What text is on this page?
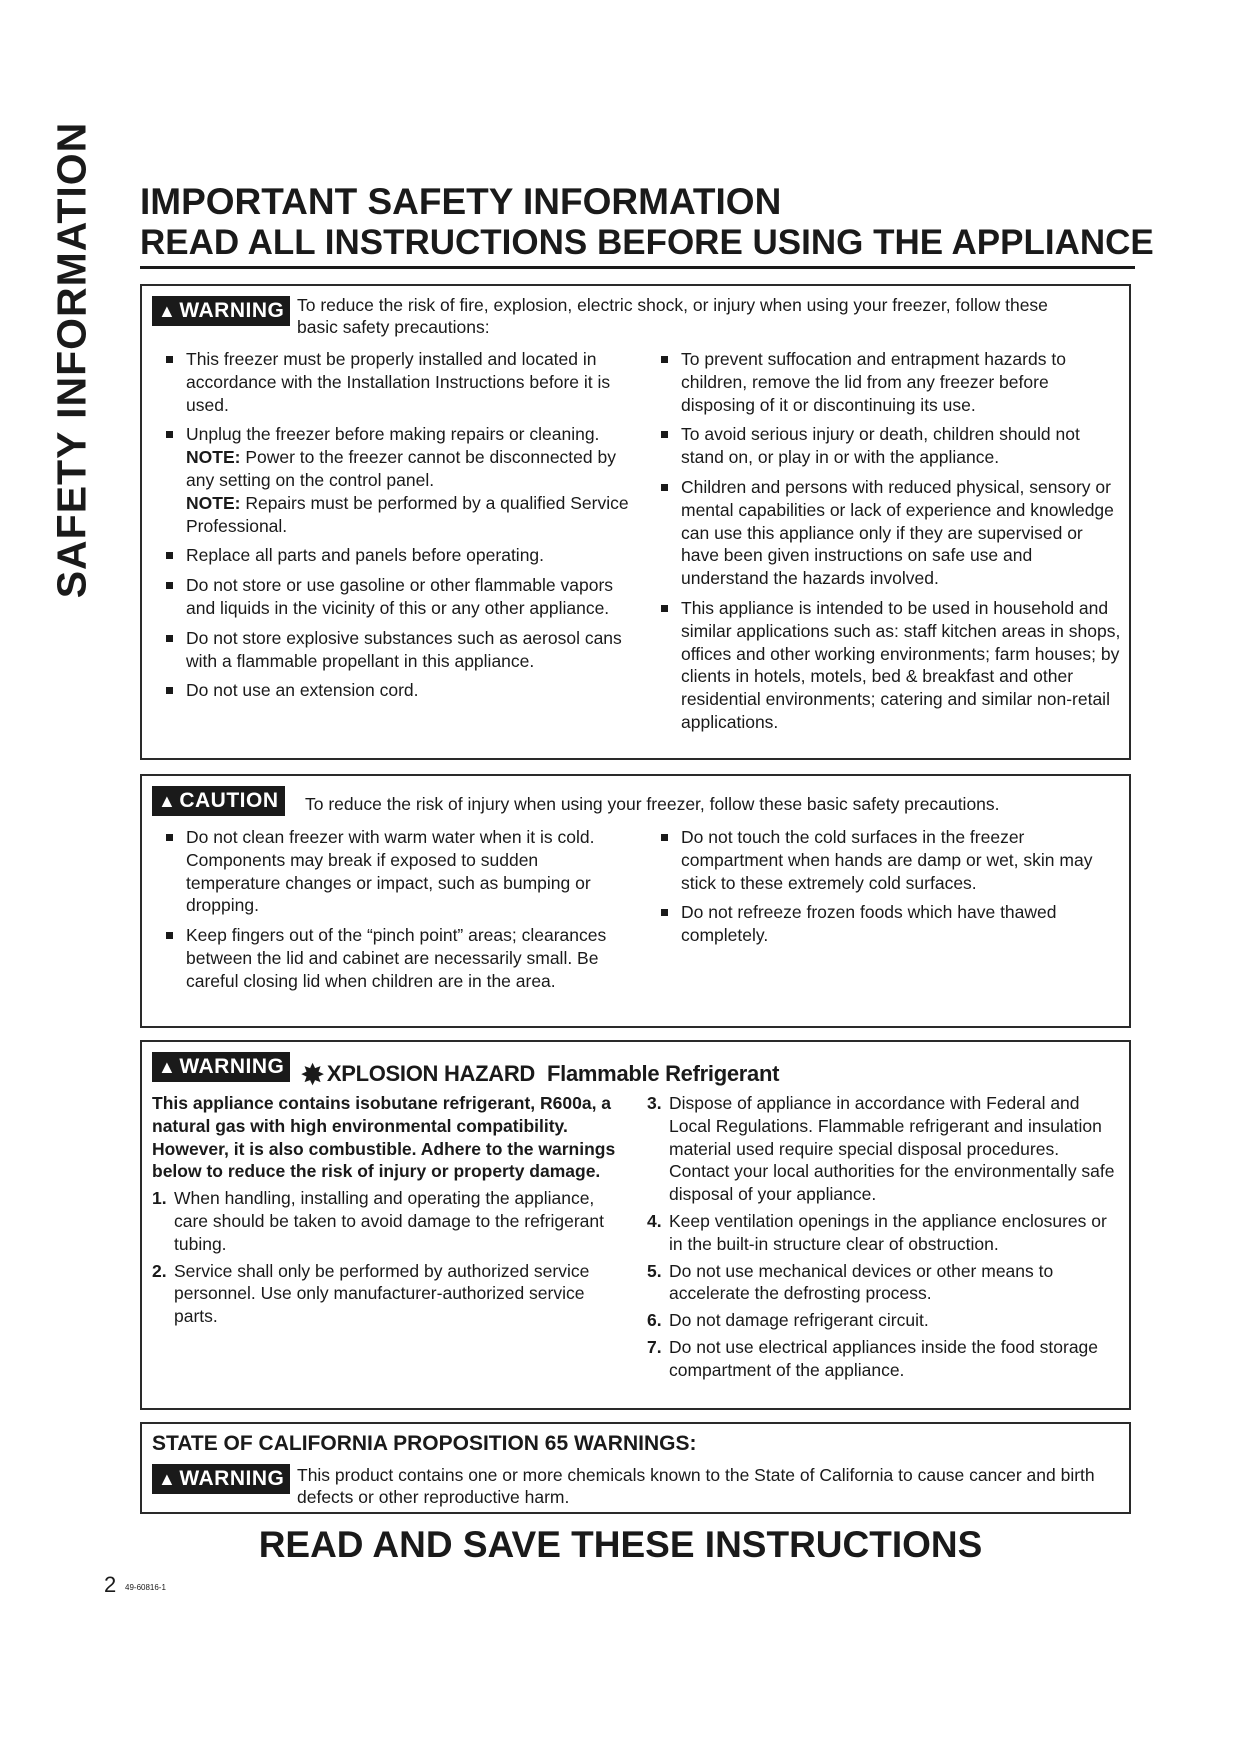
SAFETY INFORMATION IMPORTANT SAFETY INFORMATION
READ ALL INSTRUCTIONS BEFORE USING THE APPLIANCE
▲ WARNING To reduce the risk of fire, explosion, electric shock, or injury when using your freezer, follow these basic safety precautions:
This freezer must be properly installed and located in accordance with the Installation Instructions before it is used.

Unplug the freezer before making repairs or cleaning.

NOTE: Power to the freezer cannot be disconnected by any setting on the control panel.

NOTE: Repairs must be performed by a qualified Service Professional.

Replace all parts and panels before operating.
Do not store or use gasoline or other flammable vapors and liquids in the vicinity of this or any other appliance.
Do not store explosive substances such as aerosol cans with a flammable propellant in this appliance.
Do not use an extension cord.
To prevent suffocation and entrapment hazards to children, remove the lid from any freezer before disposing of it or discontinuing its use.
To avoid serious injury or death, children should not stand on, or play in or with the appliance.
Children and persons with reduced physical, sensory or mental capabilities or lack of experience and knowledge can use this appliance only if they are supervised or have been given instructions on safe use and understand the hazards involved.
This appliance is intended to be used in household and similar applications such as: staff kitchen areas in shops, offices and other working environments; farm houses; by clients in hotels, motels, bed & breakfast and other residential environments; catering and similar non-retail applications.
▲ CAUTION	To reduce the risk of injury when using your freezer, follow these basic safety precautions.
Do not clean freezer with warm water when it is cold. Components may break if exposed to sudden temperature changes or impact, such as bumping or dropping.
Keep fingers out of the “pinch point” areas; clearances between the lid and cabinet are necessarily small. Be careful closing lid when children are in the area.
Do not touch the cold surfaces in the freezer compartment when hands are damp or wet, skin may stick to these extremely cold surfaces.
Do not refreeze frozen foods which have thawed completely.
▲ WARNING ✸XPLOSION HAZARD Flammable Refrigerant

This appliance contains isobutane refrigerant, R600a, a natural gas with high environmental compatibility. However, it is also combustible. Adhere to the warnings below to reduce the risk of injury or property damage.

1. When handling, installing and operating the appliance, care should be taken to avoid damage to the refrigerant tubing.
2. Service shall only be performed by authorized service personnel. Use only manufacturer-authorized service parts.
3. Dispose of appliance in accordance with Federal and Local Regulations. Flammable refrigerant and insulation material used require special disposal procedures. Contact your local authorities for the environmentally safe disposal of your appliance.
4. Keep ventilation openings in the appliance enclosures or in the built-in structure clear of obstruction.
5. Do not use mechanical devices or other means to accelerate the defrosting process.
6. Do not damage refrigerant circuit.
7. Do not use electrical appliances inside the food storage compartment of the appliance.
STATE OF CALIFORNIA PROPOSITION 65 WARNINGS:
▲ WARNING This product contains one or more chemicals known to the State of California to cause cancer and birth defects or other reproductive harm.
READ AND SAVE THESE INSTRUCTIONS
2 49-60816-1
